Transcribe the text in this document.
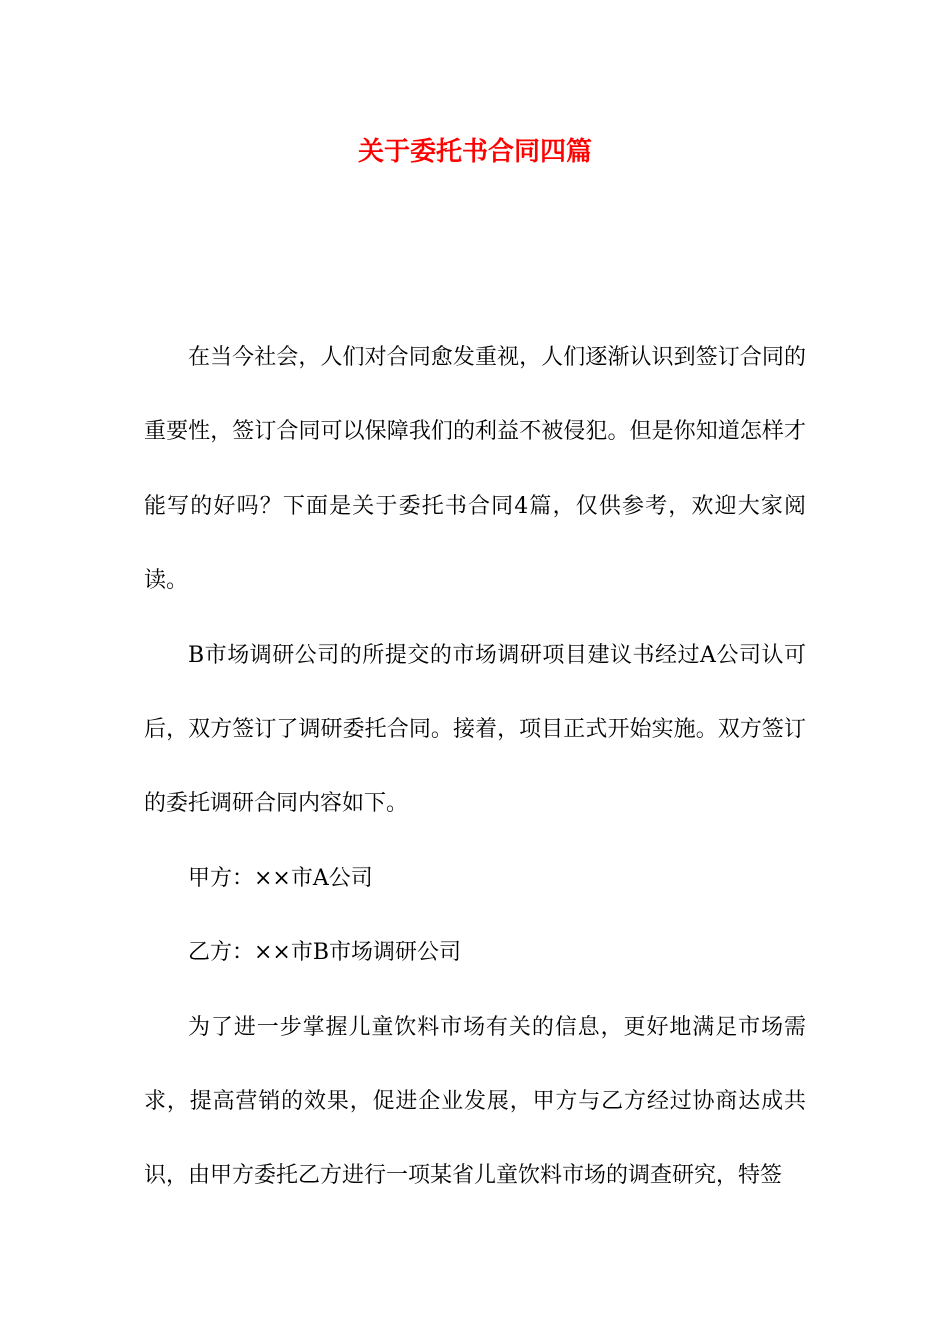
关于委托书合同四篇

在当今社会，人们对合同愈发重视，人们逐渐认识到签订合同的重要性，签订合同可以保障我们的利益不被侵犯。但是你知道怎样才能写的好吗？下面是关于委托书合同4篇，仅供参考，欢迎大家阅读。

B市场调研公司的所提交的市场调研项目建议书经过A公司认可后，双方签订了调研委托合同。接着，项目正式开始实施。双方签订的委托调研合同内容如下。

甲方：××市A公司

乙方：××市B市场调研公司

为了进一步掌握儿童饮料市场有关的信息，更好地满足市场需求，提高营销的效果，促进企业发展，甲方与乙方经过协商达成共识，由甲方委托乙方进行一项某省儿童饮料市场的调查研究，特签
